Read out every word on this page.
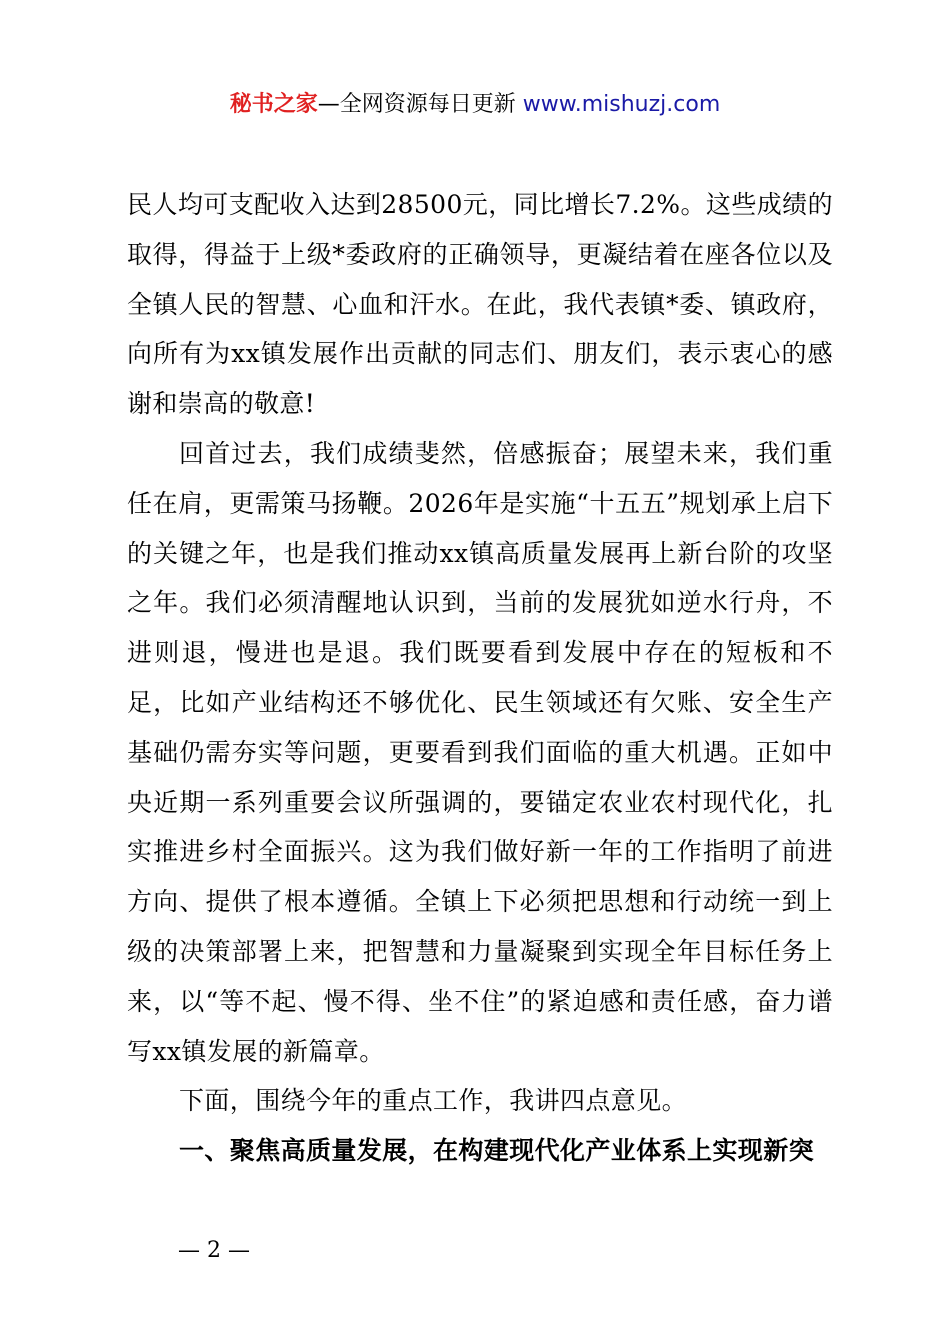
秘书之家—全网资源每日更新 www.mishuzj.com

民人均可支配收入达到28500元，同比增长7.2%。这些成绩的取得，得益于上级*委政府的正确领导，更凝结着在座各位以及全镇人民的智慧、心血和汗水。在此，我代表镇*委、镇政府，向所有为xx镇发展作出贡献的同志们、朋友们，表示衷心的感谢和崇高的敬意!

回首过去，我们成绩斐然，倍感振奋；展望未来，我们重任在肩，更需策马扬鞭。2026年是实施“十五五”规划承上启下的关键之年，也是我们推动xx镇高质量发展再上新台阶的攻坚之年。我们必须清醒地认识到，当前的发展犹如逆水行舟，不进则退，慢进也是退。我们既要看到发展中存在的短板和不足，比如产业结构还不够优化、民生领域还有欠账、安全生产基础仍需夯实等问题，更要看到我们面临的重大机遇。正如中央近期一系列重要会议所强调的，要锚定农业农村现代化，扎实推进乡村全面振兴。这为我们做好新一年的工作指明了前进方向、提供了根本遵循。全镇上下必须把思想和行动统一到上级的决策部署上来，把智慧和力量凝聚到实现全年目标任务上来，以“等不起、慢不得、坐不住”的紧迫感和责任感，奋力谱写xx镇发展的新篇章。

下面，围绕今年的重点工作，我讲四点意见。

一、聚焦高质量发展，在构建现代化产业体系上实现新突

— 2 —
